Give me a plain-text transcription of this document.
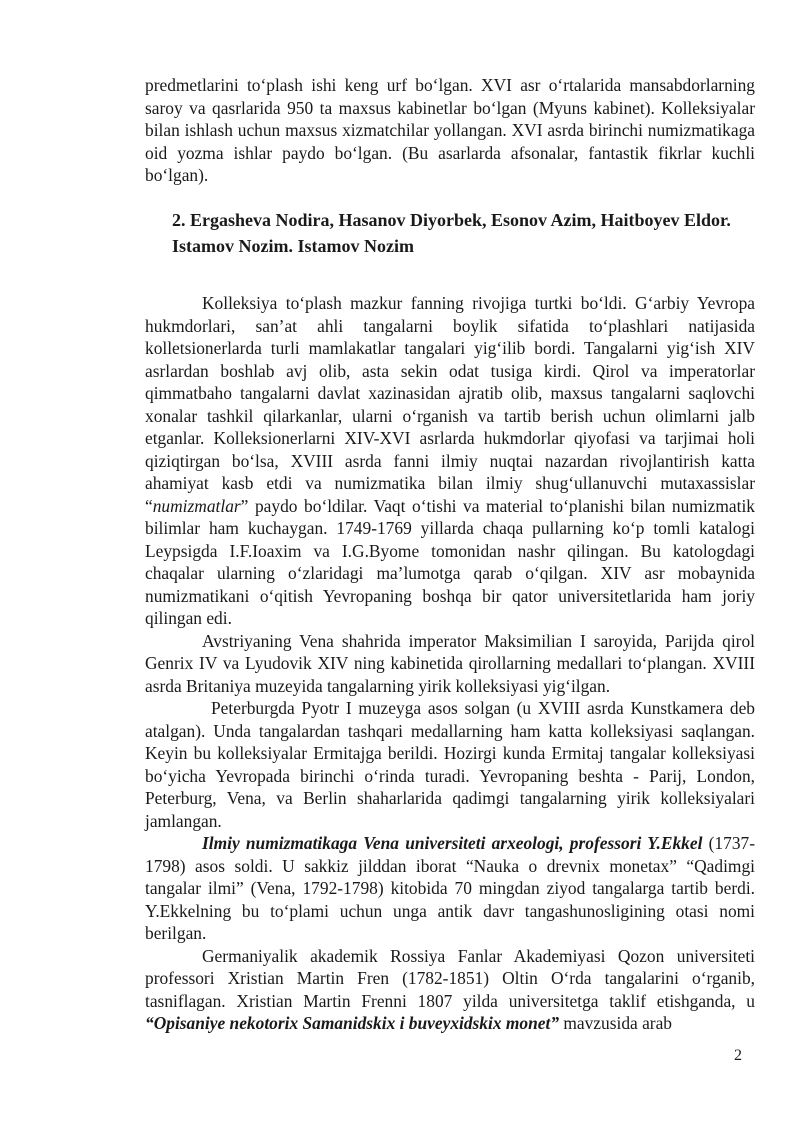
predmetlarini to‘plash ishi keng urf bo‘lgan. XVI asr o‘rtalarida mansabdorlarning saroy va qasrlarida 950 ta maxsus kabinetlar bo‘lgan (Myuns kabinet). Kolleksiyalar bilan ishlash uchun maxsus xizmatchilar yollangan. XVI asrda birinchi numizmatikaga oid yozma ishlar paydo bo‘lgan. (Bu asarlarda afsonalar, fantastik fikrlar kuchli bo‘lgan).

2. Ergasheva Nodira, Hasanov Diyorbek, Esonov Azim, Haitboyev Eldor. Istamov Nozim. Istamov Nozim

Kolleksiya to‘plash mazkur fanning rivojiga turtki bo‘ldi. G‘arbiy Yevropa hukmdorlari, san’at ahli tangalarni boylik sifatida to‘plashlari natijasida kolletsionerlarda turli mamlakatlar tangalari yig‘ilib bordi. Tangalarni yig‘ish XIV asrlardan boshlab avj olib, asta sekin odat tusiga kirdi. Qirol va imperatorlar qimmatbaho tangalarni davlat xazinasidan ajratib olib, maxsus tangalarni saqlovchi xonalar tashkil qilarkanlar, ularni o‘rganish va tartib berish uchun olimlarni jalb etganlar. Kolleksionerlarni XIV-XVI asrlarda hukmdorlar qiyofasi va tarjimai holi qiziqtirgan bo‘lsa, XVIII asrda fanni ilmiy nuqtai nazardan rivojlantirish katta ahamiyat kasb etdi va numizmatika bilan ilmiy shug‘ullanuvchi mutaxassislar “numizmatlar” paydo bo‘ldilar. Vaqt o‘tishi va material to‘planishi bilan numizmatik bilimlar ham kuchaygan. 1749-1769 yillarda chaqa pullarning ko‘p tomli katalogi Leypsigda I.F.Ioaxim va I.G.Byome tomonidan nashr qilingan. Bu katologdagi chaqalar ularning o‘zlaridagi ma’lumotga qarab o‘qilgan. XIV asr mobaynida numizmatikani o‘qitish Yevropaning boshqa bir qator universitetlarida ham joriy qilingan edi.

Avstriyaning Vena shahrida imperator Maksimilian I saroyida, Parijda qirol Genrix IV va Lyudovik XIV ning kabinetida qirollarning medallari to‘plangan. XVIII asrda Britaniya muzeyida tangalarning yirik kolleksiyasi yig‘ilgan.

Peterburgda Pyotr I muzeyga asos solgan (u XVIII asrda Kunstkamera deb atalgan). Unda tangalardan tashqari medallarning ham katta kolleksiyasi saqlangan. Keyin bu kolleksiyalar Ermitajga berildi. Hozirgi kunda Ermitaj tangalar kolleksiyasi bo‘yicha Yevropada birinchi o‘rinda turadi. Yevropaning beshta - Parij, London, Peterburg, Vena, va Berlin shaharlarida qadimgi tangalarning yirik kolleksiyalari jamlangan.

Ilmiy numizmatikaga Vena universiteti arxeologi, professori Y.Ekkel (1737-1798) asos soldi. U sakkiz jilddan iborat “Nauka o drevnix monetax” “Qadimgi tangalar ilmi” (Vena, 1792-1798) kitobida 70 mingdan ziyod tangalarga tartib berdi. Y.Ekkelning bu to‘plami uchun unga antik davr tangashunosligining otasi nomi berilgan.

Germaniyalik akademik Rossiya Fanlar Akademiyasi Qozon universiteti professori Xristian Martin Fren (1782-1851) Oltin O‘rda tangalarini o‘rganib, tasniflagan. Xristian Martin Frenni 1807 yilda universitetga taklif etishganda, u “Opisaniye nekotorix Samanidskix i buveyxidskix monet” mavzusida arab

2
